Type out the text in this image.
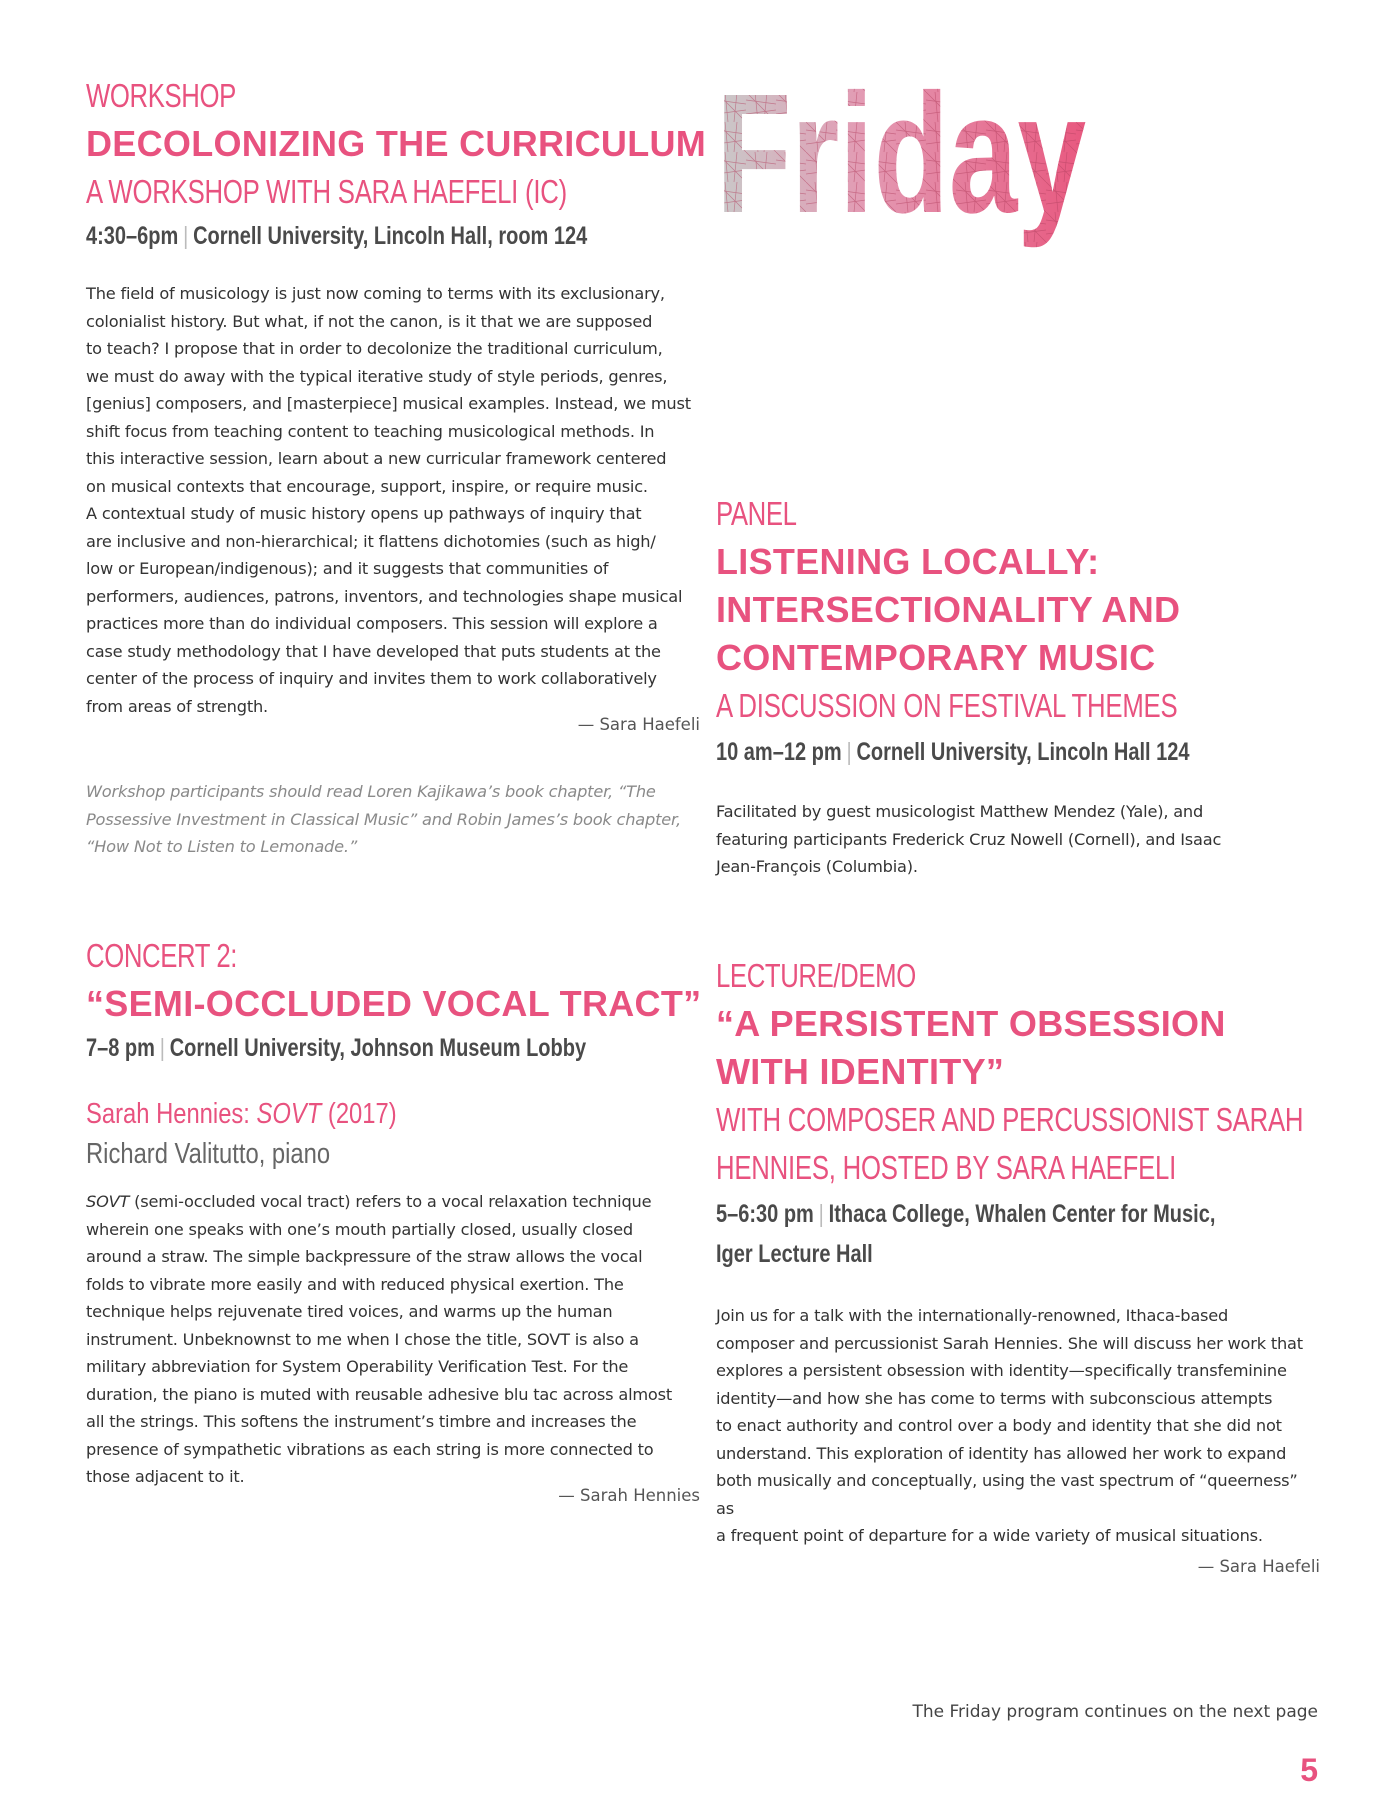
Friday
Friday
WORKSHOP
DECOLONIZING THE CURRICULUM
A WORKSHOP WITH SARA HAEFELI (IC)
4:30–6pm | Cornell University, Lincoln Hall, room 124
The field of musicology is just now coming to terms with its exclusionary,
colonialist history. But what, if not the canon, is it that we are supposed
to teach? I propose that in order to decolonize the traditional curriculum,
we must do away with the typical iterative study of style periods, genres,
[genius] composers, and [masterpiece] musical examples. Instead, we must
shift focus from teaching content to teaching musicological methods. In
this interactive session, learn about a new curricular framework centered
on musical contexts that encourage, support, inspire, or require music.
A contextual study of music history opens up pathways of inquiry that
are inclusive and non-hierarchical; it flattens dichotomies (such as high/
low or European/indigenous); and it suggests that communities of
performers, audiences, patrons, inventors, and technologies shape musical
practices more than do individual composers. This session will explore a
case study methodology that I have developed that puts students at the
center of the process of inquiry and invites them to work collaboratively
from areas of strength.

— Sara Haefeli

Workshop participants should read Loren Kajikawa’s book chapter, “The
Possessive Investment in Classical Music” and Robin James’s book chapter,
“How Not to Listen to Lemonade.”
CONCERT 2:
“SEMI-OCCLUDED VOCAL TRACT”
7–8 pm | Cornell University, Johnson Museum Lobby
Sarah Hennies: SOVT (2017)
Richard Valitutto, piano
SOVT (semi-occluded vocal tract) refers to a vocal relaxation technique
wherein one speaks with one’s mouth partially closed, usually closed
around a straw. The simple backpressure of the straw allows the vocal
folds to vibrate more easily and with reduced physical exertion. The
technique helps rejuvenate tired voices, and warms up the human
instrument. Unbeknownst to me when I chose the title, SOVT is also a
military abbreviation for System Operability Verification Test. For the
duration, the piano is muted with reusable adhesive blu tac across almost
all the strings. This softens the instrument’s timbre and increases the
presence of sympathetic vibrations as each string is more connected to
those adjacent to it.

— Sarah Hennies

PANEL
LISTENING LOCALLY:
INTERSECTIONALITY AND
CONTEMPORARY MUSIC
A DISCUSSION ON FESTIVAL THEMES
10 am–12 pm | Cornell University, Lincoln Hall 124
Facilitated by guest musicologist Matthew Mendez (Yale), and
featuring participants Frederick Cruz Nowell (Cornell), and Isaac
Jean-François (Columbia).
LECTURE/DEMO
“A PERSISTENT OBSESSION
WITH IDENTITY”
WITH COMPOSER AND PERCUSSIONIST SARAH
HENNIES, HOSTED BY SARA HAEFELI
5–6:30 pm | Ithaca College, Whalen Center for Music,
Iger Lecture Hall
Join us for a talk with the internationally-renowned, Ithaca-based
composer and percussionist Sarah Hennies. She will discuss her work that
explores a persistent obsession with identity—specifically transfeminine
identity—and how she has come to terms with subconscious attempts
to enact authority and control over a body and identity that she did not
understand. This exploration of identity has allowed her work to expand
both musically and conceptually, using the vast spectrum of “queerness” as
a frequent point of departure for a wide variety of musical situations.

— Sara Haefeli

The Friday program continues on the next page
5
